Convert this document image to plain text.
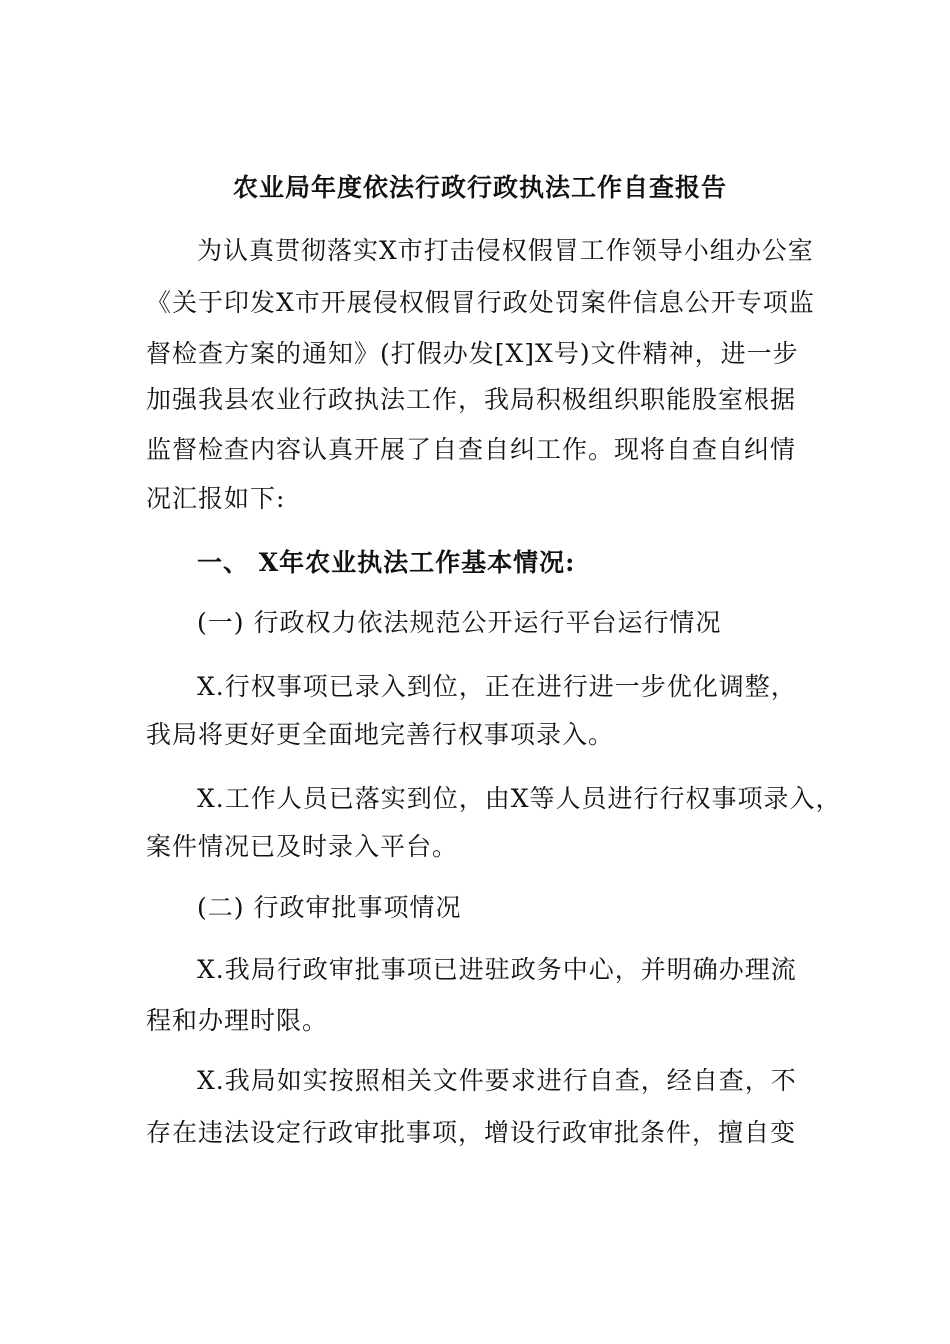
农业局年度依法行政行政执法工作自查报告
为认真贯彻落实X市打击侵权假冒工作领导小组办公室
《关于印发X市开展侵权假冒行政处罚案件信息公开专项监
督检查方案的通知》(打假办发[X]X号)文件精神，进一步
加强我县农业行政执法工作，我局积极组织职能股室根据
监督检查内容认真开展了自查自纠工作。现将自查自纠情
况汇报如下:
一、 X年农业执法工作基本情况:
(一) 行政权力依法规范公开运行平台运行情况
X.行权事项已录入到位，正在进行进一步优化调整，
我局将更好更全面地完善行权事项录入。
X.工作人员已落实到位，由X等人员进行行权事项录入，
案件情况已及时录入平台。
(二) 行政审批事项情况
X.我局行政审批事项已进驻政务中心，并明确办理流
程和办理时限。
X.我局如实按照相关文件要求进行自查，经自查，不
存在违法设定行政审批事项，增设行政审批条件，擅自变
